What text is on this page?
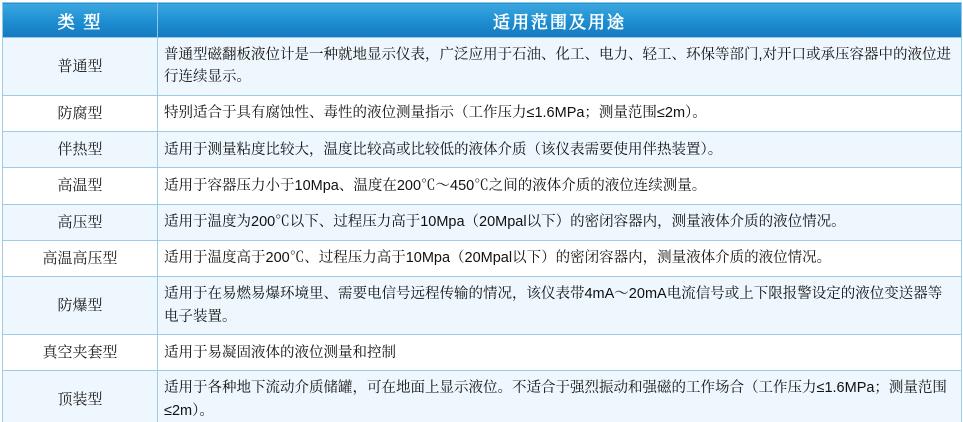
类 型	适用范围及用途
普通型	普通型磁翻板液位计是一种就地显示仪表，广泛应用于石油、化工、电力、轻工、环保等部门,对开口或承压容器中的液位进行连续显示。
防腐型	特别适合于具有腐蚀性、毒性的液位测量指示（工作压力≤1.6MPa；测量范围≤2m）。
伴热型	适用于测量粘度比较大，温度比较高或比较低的液体介质（该仪表需要使用伴热装置）。
高温型	适用于容器压力小于10Mpa、温度在200℃～450℃之间的液体介质的液位连续测量。
高压型	适用于温度为200℃以下、过程压力高于10Mpa（20Mpal以下）的密闭容器内，测量液体介质的液位情况。
高温高压型	适用于温度高于200℃、过程压力高于10Mpa（20Mpal以下）的密闭容器内，测量液体介质的液位情况。
防爆型	适用于在易燃易爆环境里、需要电信号远程传输的情况，该仪表带4mA～20mA电流信号或上下限报警设定的液位变送器等电子装置。
真空夹套型	适用于易凝固液体的液位测量和控制
顶装型	适用于各种地下流动介质储罐，可在地面上显示液位。不适合于强烈振动和强磁的工作场合（工作压力≤1.6MPa；测量范围≤2m）。
